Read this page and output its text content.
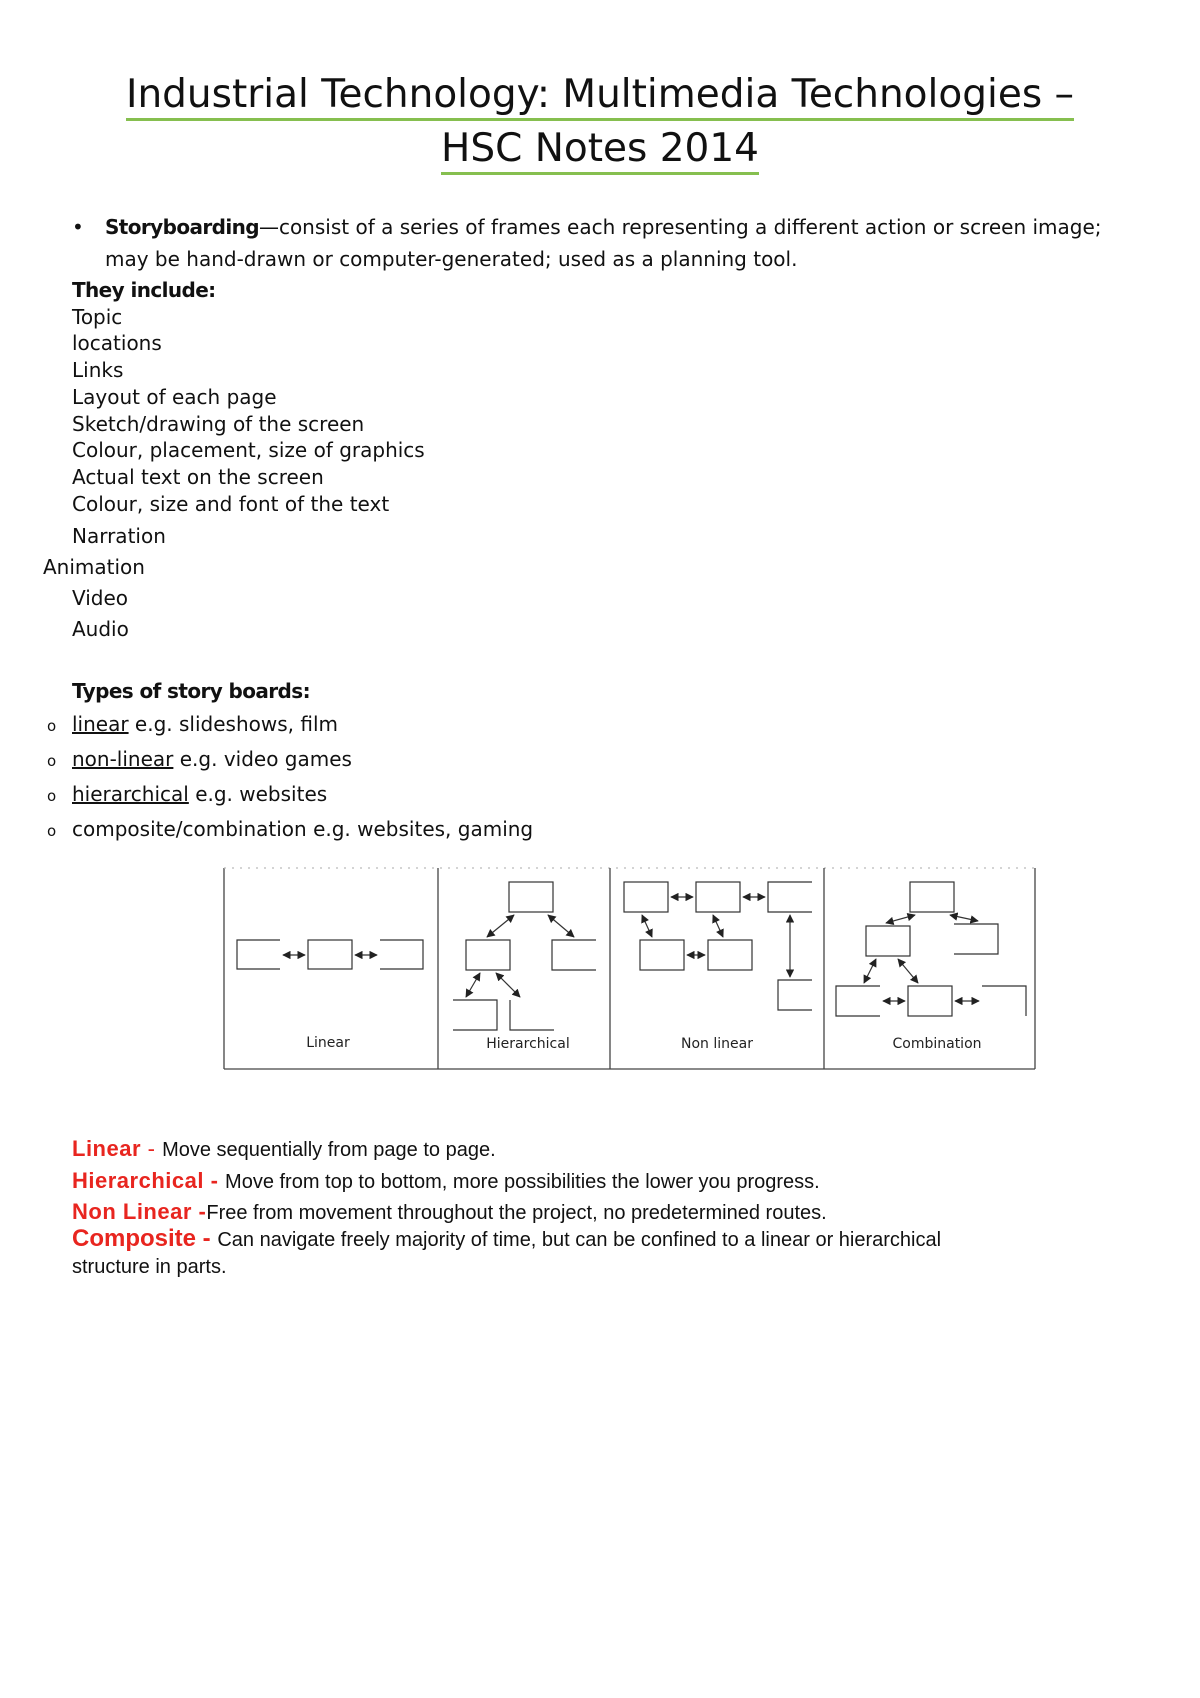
Industrial Technology: Multimedia Technologies –
HSC Notes 2014
• Storyboarding—consist of a series of frames each representing a different action or screen image; may be hand-drawn or computer-generated; used as a planning tool.
They include:
Topic
locations
Links
Layout of each page
Sketch/drawing of the screen
Colour, placement, size of graphics
Actual text on the screen
Colour, size and font of the text
Narration
Animation
Video
Audio
Types of story boards:
o linear e.g. slideshows, film
o non-linear e.g. video games
o hierarchical e.g. websites
o composite/combination e.g. websites, gaming
Linear	Hierarchical	Non linear	Combination
Linear - Move sequentially from page to page.
Hierarchical - Move from top to bottom, more possibilities the lower you progress.
Non Linear -Free from movement throughout the project, no predetermined routes.
Composite - Can navigate freely majority of time, but can be confined to a linear or hierarchical
structure in parts.
